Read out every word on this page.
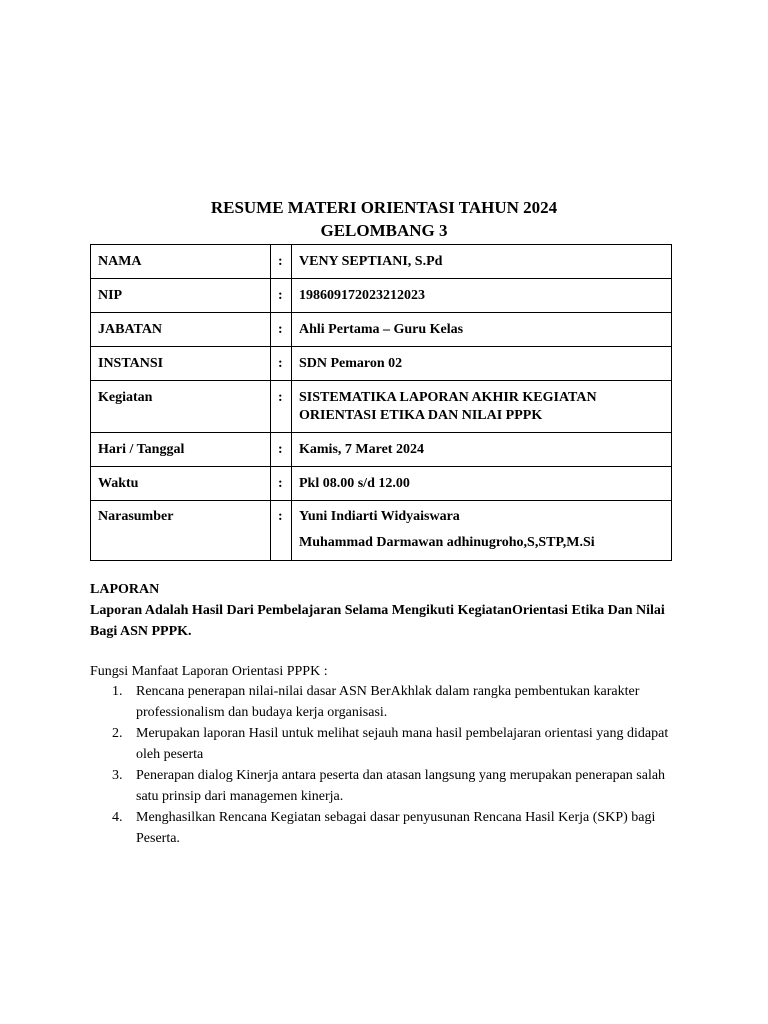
RESUME MATERI ORIENTASI TAHUN 2024
GELOMBANG 3
NAMA	:	VENY SEPTIANI, S.Pd
NIP	:	198609172023212023
JABATAN	:	Ahli Pertama – Guru Kelas
INSTANSI	:	SDN Pemaron 02
Kegiatan	:	SISTEMATIKA LAPORAN AKHIR KEGIATAN ORIENTASI ETIKA DAN NILAI PPPK
Hari / Tanggal	:	Kamis, 7 Maret 2024
Waktu	:	Pkl 08.00 s/d 12.00
Narasumber	:	Yuni Indiarti Widyaiswara
Muhammad Darmawan adhinugroho,S,STP,M.Si
LAPORAN
Laporan Adalah Hasil Dari Pembelajaran Selama Mengikuti KegiatanOrientasi Etika Dan Nilai Bagi ASN PPPK.
Fungsi Manfaat Laporan Orientasi PPPK :
1. Rencana penerapan nilai-nilai dasar ASN BerAkhlak dalam rangka pembentukan karakter professionalism dan budaya kerja organisasi.
2. Merupakan laporan Hasil untuk melihat sejauh mana hasil pembelajaran orientasi yang didapat oleh peserta
3. Penerapan dialog Kinerja antara peserta dan atasan langsung yang merupakan penerapan salah satu prinsip dari managemen kinerja.
4. Menghasilkan Rencana Kegiatan sebagai dasar penyusunan Rencana Hasil Kerja (SKP) bagi Peserta.
